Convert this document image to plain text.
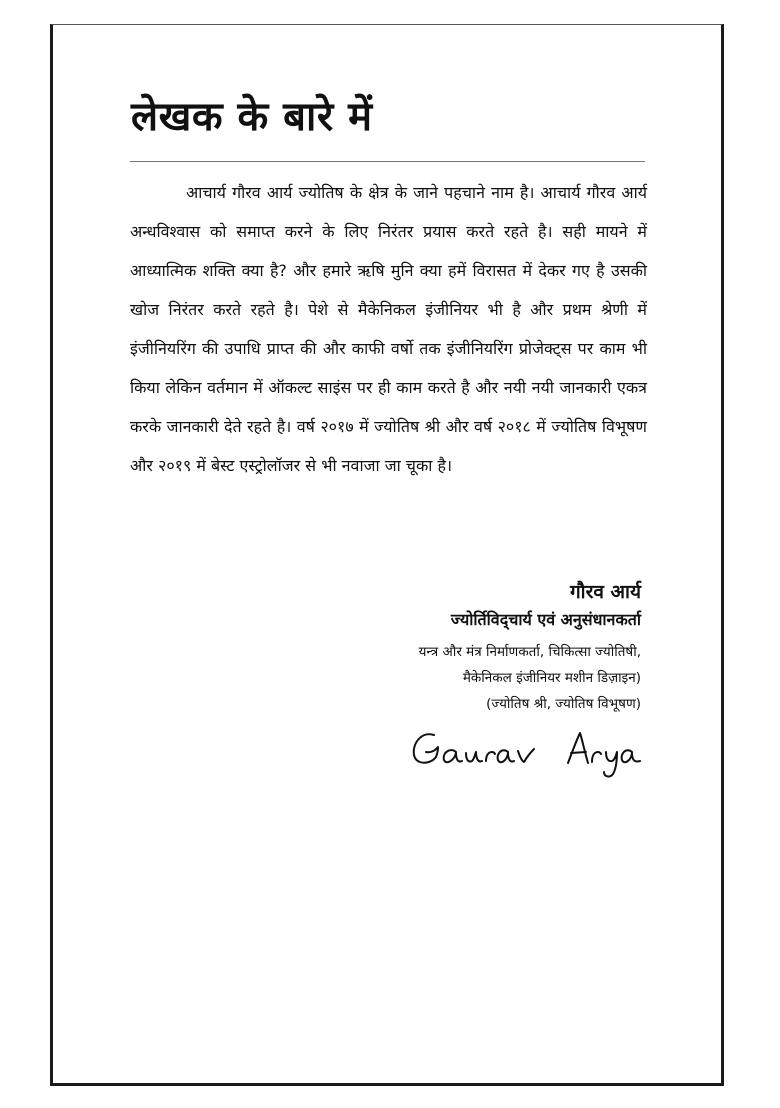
लेखक के बारे में

आचार्य गौरव आर्य ज्योतिष के क्षेत्र के जाने पहचाने नाम है। आचार्य गौरव आर्य अन्धविश्वास को समाप्त करने के लिए निरंतर प्रयास करते रहते है। सही मायने में आध्यात्मिक शक्ति क्या है? और हमारे ऋषि मुनि क्या हमें विरासत में देकर गए है उसकी खोज निरंतर करते रहते है। पेशे से मैकेनिकल इंजीनियर भी है और प्रथम श्रेणी में इंजीनियरिंग की उपाधि प्राप्त की और काफी वर्षो तक इंजीनियरिंग प्रोजेक्ट्स पर काम भी किया लेकिन वर्तमान में ऑकल्ट साइंस पर ही काम करते है और नयी नयी जानकारी एकत्र करके जानकारी देते रहते है। वर्ष २०१७ में ज्योतिष श्री और वर्ष २०१८ में ज्योतिष विभूषण और २०१९ में बेस्ट एस्ट्रोलॉजर से भी नवाजा जा चूका है।

गौरव आर्य
ज्योर्तिविद्चार्य एवं अनुसंधानकर्ता
यन्त्र और मंत्र निर्माणकर्ता, चिकित्सा ज्योतिषी,
मैकेनिकल इंजीनियर मशीन डिज़ाइन)
(ज्योतिष श्री, ज्योतिष विभूषण)
